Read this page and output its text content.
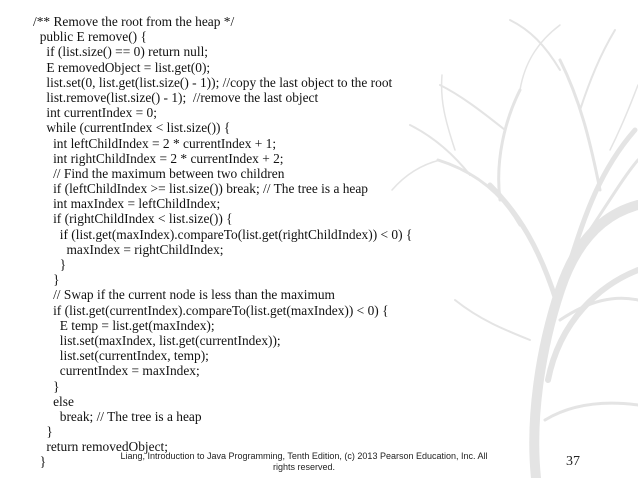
/** Remove the root from the heap */
public E remove() {
if (list.size() == 0) return null;
E removedObject = list.get(0);
list.set(0, list.get(list.size() - 1)); //copy the last object to the root
list.remove(list.size() - 1);  //remove the last object
int currentIndex = 0;
while (currentIndex < list.size()) {
int leftChildIndex = 2 * currentIndex + 1;
int rightChildIndex = 2 * currentIndex + 2;
// Find the maximum between two children
if (leftChildIndex >= list.size()) break; // The tree is a heap
int maxIndex = leftChildIndex;
if (rightChildIndex < list.size()) {
if (list.get(maxIndex).compareTo(list.get(rightChildIndex)) < 0) {
maxIndex = rightChildIndex;
}
}
// Swap if the current node is less than the maximum
if (list.get(currentIndex).compareTo(list.get(maxIndex)) < 0) {
E temp = list.get(maxIndex);
list.set(maxIndex, list.get(currentIndex));
list.set(currentIndex, temp);
currentIndex = maxIndex;
}
else
break; // The tree is a heap
}
return removedObject;
}	Liang, Introduction to Java Programming, Tenth Edition, (c) 2013 Pearson Education, Inc. All
rights reserved.	37
